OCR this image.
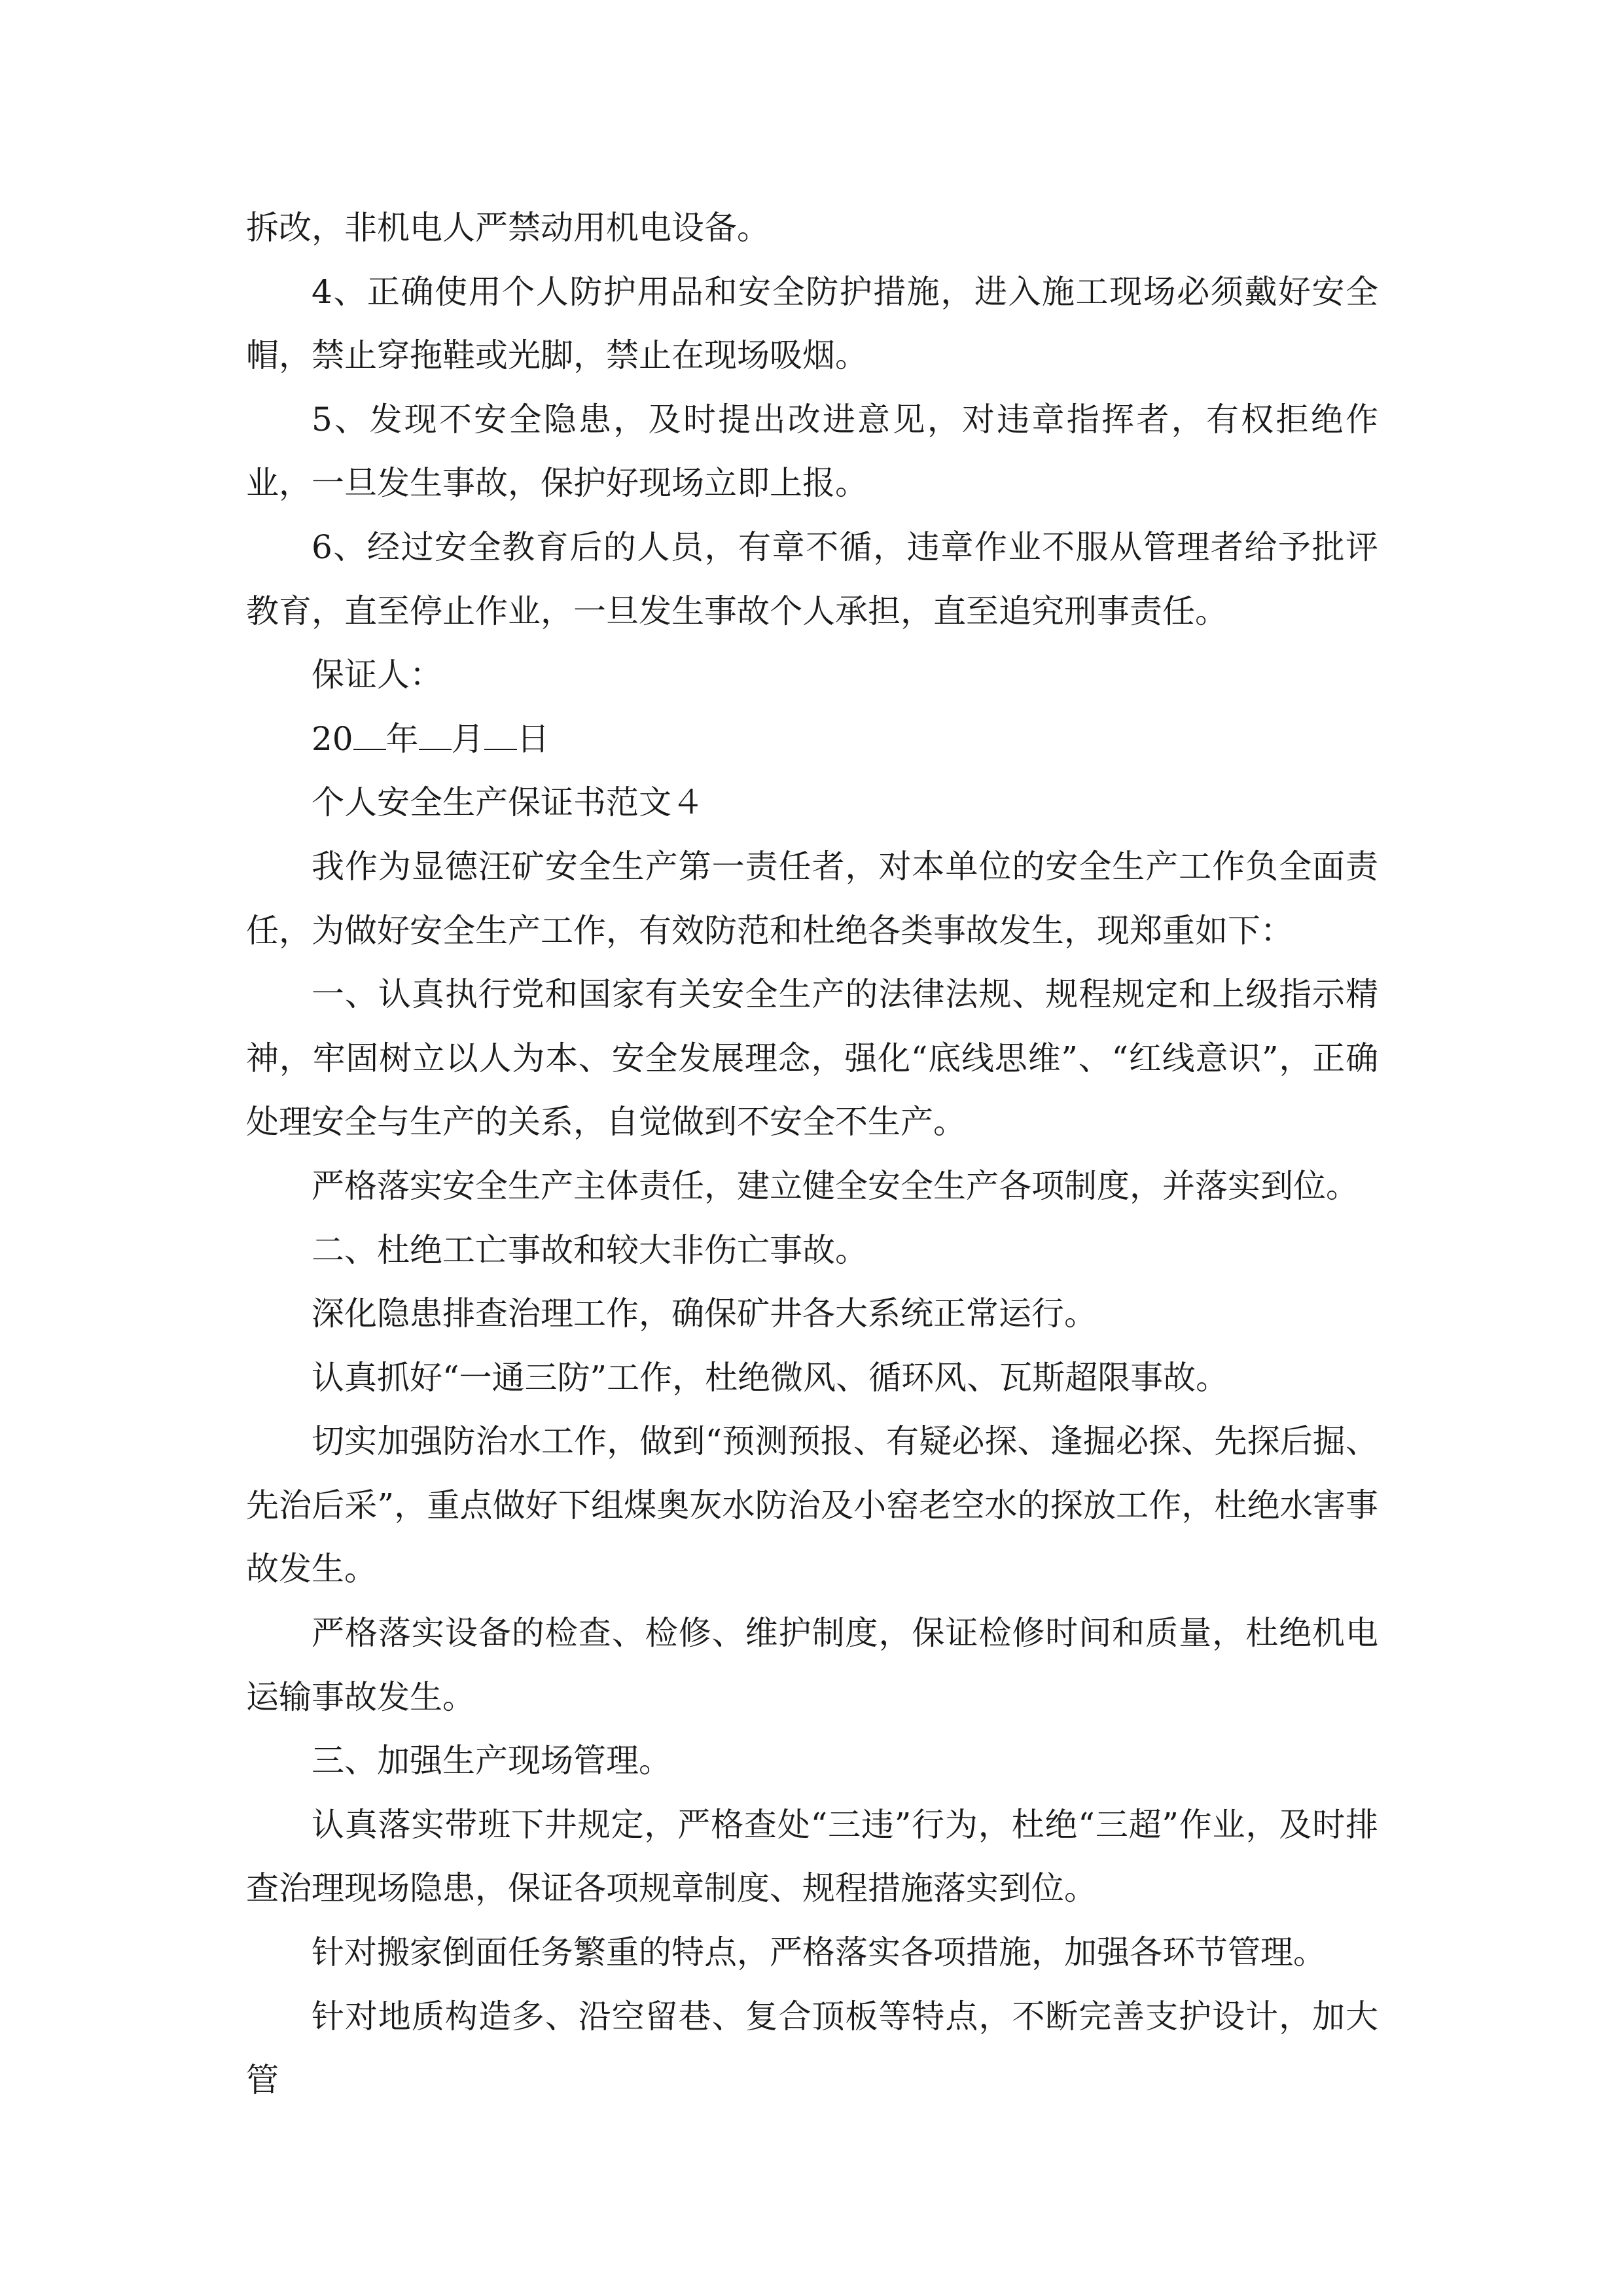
拆改，非机电人严禁动用机电设备。

4、正确使用个人防护用品和安全防护措施，进入施工现场必须戴好安全帽，禁止穿拖鞋或光脚，禁止在现场吸烟。

5、发现不安全隐患，及时提出改进意见，对违章指挥者，有权拒绝作业，一旦发生事故，保护好现场立即上报。

6、经过安全教育后的人员，有章不循，违章作业不服从管理者给予批评教育，直至停止作业，一旦发生事故个人承担，直至追究刑事责任。

保证人：

20 年 月 日

个人安全生产保证书范文４

我作为显德汪矿安全生产第一责任者，对本单位的安全生产工作负全面责任，为做好安全生产工作，有效防范和杜绝各类事故发生，现郑重如下：

一、认真执行党和国家有关安全生产的法律法规、规程规定和上级指示精神，牢固树立以人为本、安全发展理念，强化“底线思维”、“红线意识”，正确处理安全与生产的关系，自觉做到不安全不生产。

严格落实安全生产主体责任，建立健全安全生产各项制度，并落实到位。

二、杜绝工亡事故和较大非伤亡事故。

深化隐患排查治理工作，确保矿井各大系统正常运行。

认真抓好“一通三防”工作，杜绝微风、循环风、瓦斯超限事故。

切实加强防治水工作，做到“预测预报、有疑必探、逢掘必探、先探后掘、先治后采”，重点做好下组煤奥灰水防治及小窑老空水的探放工作，杜绝水害事故发生。

严格落实设备的检查、检修、维护制度，保证检修时间和质量，杜绝机电运输事故发生。

三、加强生产现场管理。

认真落实带班下井规定，严格查处“三违”行为，杜绝“三超”作业，及时排查治理现场隐患，保证各项规章制度、规程措施落实到位。

针对搬家倒面任务繁重的特点，严格落实各项措施，加强各环节管理。

针对地质构造多、沿空留巷、复合顶板等特点，不断完善支护设计，加大管
